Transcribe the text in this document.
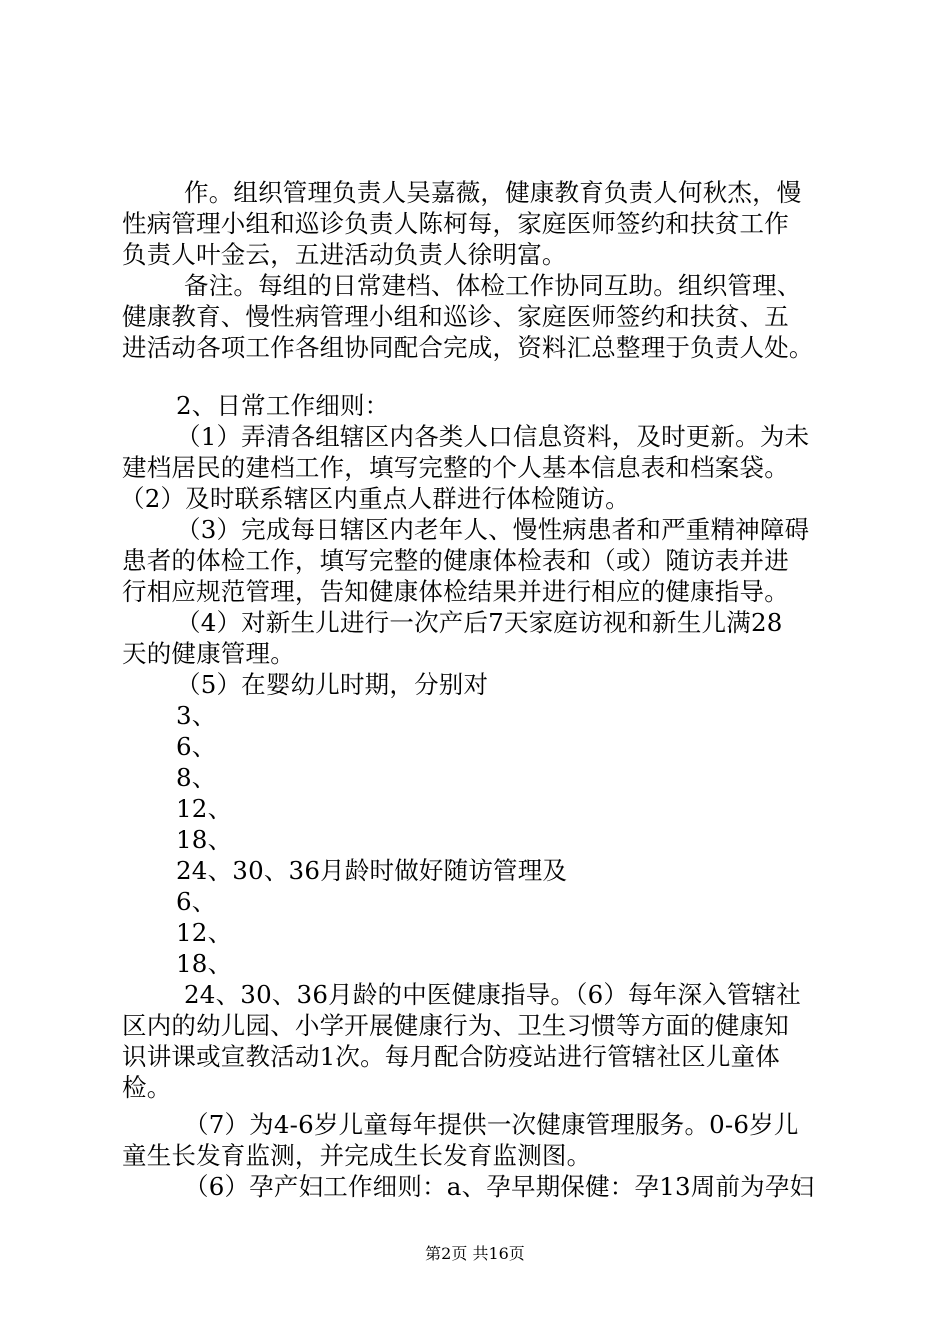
作。组织管理负责人吴嘉薇，健康教育负责人何秋杰，慢
性病管理小组和巡诊负责人陈柯每，家庭医师签约和扶贫工作
负责人叶金云，五进活动负责人徐明富。
备注。每组的日常建档、体检工作协同互助。组织管理、
健康教育、慢性病管理小组和巡诊、家庭医师签约和扶贫、五
进活动各项工作各组协同配合完成，资料汇总整理于负责人处。
2、日常工作细则：
（1）弄清各组辖区内各类人口信息资料，及时更新。为未
建档居民的建档工作，填写完整的个人基本信息表和档案袋。
（2）及时联系辖区内重点人群进行体检随访。
（3）完成每日辖区内老年人、慢性病患者和严重精神障碍
患者的体检工作，填写完整的健康体检表和（或）随访表并进
行相应规范管理，告知健康体检结果并进行相应的健康指导。
（4）对新生儿进行一次产后7天家庭访视和新生儿满28
天的健康管理。
（5）在婴幼儿时期，分别对
3、
6、
8、
12、
18、
24、30、36月龄时做好随访管理及
6、
12、
18、
24、30、36月龄的中医健康指导。（6）每年深入管辖社
区内的幼儿园、小学开展健康行为、卫生习惯等方面的健康知
识讲课或宣教活动1次。每月配合防疫站进行管辖社区儿童体
检。
（7）为4-6岁儿童每年提供一次健康管理服务。0-6岁儿
童生长发育监测，并完成生长发育监测图。
（6）孕产妇工作细则：a、孕早期保健：孕13周前为孕妇
第2页 共16页
